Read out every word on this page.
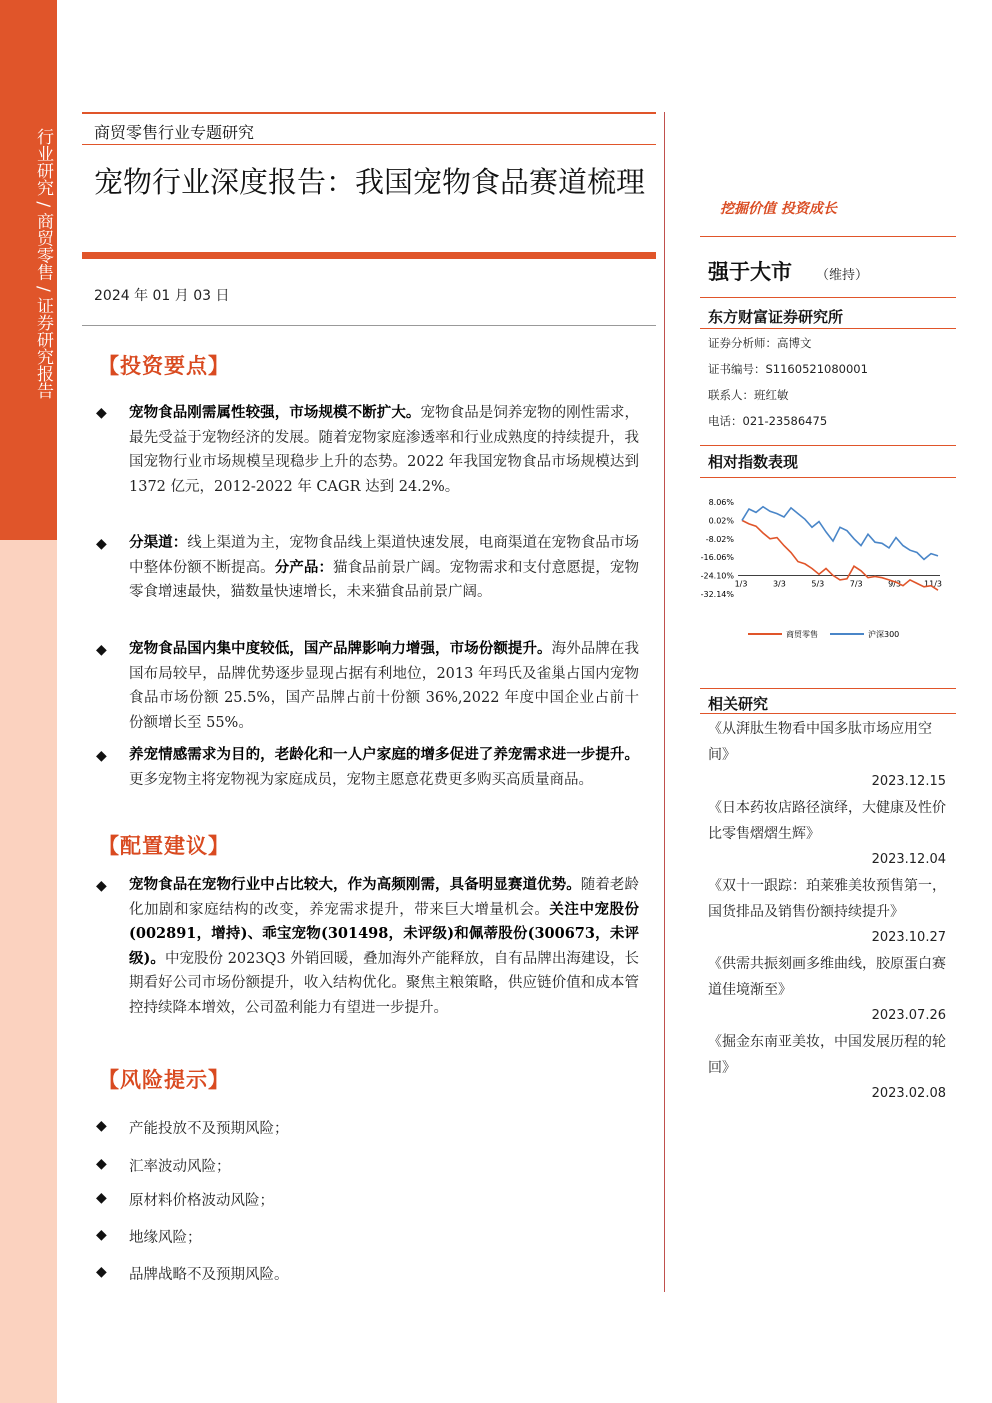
行业研究 / 商贸零售 / 证券研究报告	商贸零售行业专题研究
宠物行业深度报告：我国宠物食品赛道梳理
2024 年 01 月 03 日
【投资要点】
◆ 宠物食品刚需属性较强，市场规模不断扩大。宠物食品是饲养宠物的刚性需求，最先受益于宠物经济的发展。随着宠物家庭渗透率和行业成熟度的持续提升，我国宠物行业市场规模呈现稳步上升的态势。2022 年我国宠物食品市场规模达到 1372 亿元，2012-2022 年 CAGR 达到 24.2%。
◆ 分渠道：线上渠道为主，宠物食品线上渠道快速发展，电商渠道在宠物食品市场中整体份额不断提高。分产品：猫食品前景广阔。宠物需求和支付意愿提，宠物零食增速最快，猫数量快速增长，未来猫食品前景广阔。
◆ 宠物食品国内集中度较低，国产品牌影响力增强，市场份额提升。海外品牌在我国布局较早，品牌优势逐步显现占据有利地位，2013 年玛氏及雀巢占国内宠物食品市场份额 25.5%，国产品牌占前十份额 36%,2022 年度中国企业占前十份额增长至 55%。
◆ 养宠情感需求为目的，老龄化和一人户家庭的增多促进了养宠需求进一步提升。更多宠物主将宠物视为家庭成员，宠物主愿意花费更多购买高质量商品。
【配置建议】
◆ 宠物食品在宠物行业中占比较大，作为高频刚需，具备明显赛道优势。随着老龄化加剧和家庭结构的改变，养宠需求提升，带来巨大增量机会。关注中宠股份(002891，增持)、乖宝宠物(301498，未评级)和佩蒂股份(300673，未评级)。中宠股份 2023Q3 外销回暖，叠加海外产能释放，自有品牌出海建设，长期看好公司市场份额提升，收入结构优化。聚焦主粮策略，供应链价值和成本管控持续降本增效，公司盈利能力有望进一步提升。
【风险提示】
◆ 产能投放不及预期风险；
◆ 汇率波动风险；
◆ 原材料价格波动风险；
◆ 地缘风险；
◆ 品牌战略不及预期风险。
挖掘价值 投资成长
强于大市 （维持）
东方财富证券研究所
证券分析师：高博文
证书编号：S1160521080001
联系人：班红敏
电话：021-23586475
相对指数表现
8.06%
0.02%
-8.02%
-16.06%
-24.10%
-32.14%
1/3	3/3	5/3	7/3	9/3	11/3
商贸零售	沪深300
相关研究
《从湃肽生物看中国多肽市场应用空间》
2023.12.15
《日本药妆店路径演绎，大健康及性价比零售熠熠生辉》
2023.12.04
《双十一跟踪：珀莱雅美妆预售第一，国货排品及销售份额持续提升》
2023.10.27
《供需共振刻画多维曲线，胶原蛋白赛道佳境渐至》
2023.07.26
《掘金东南亚美妆，中国发展历程的轮回》
2023.02.08
